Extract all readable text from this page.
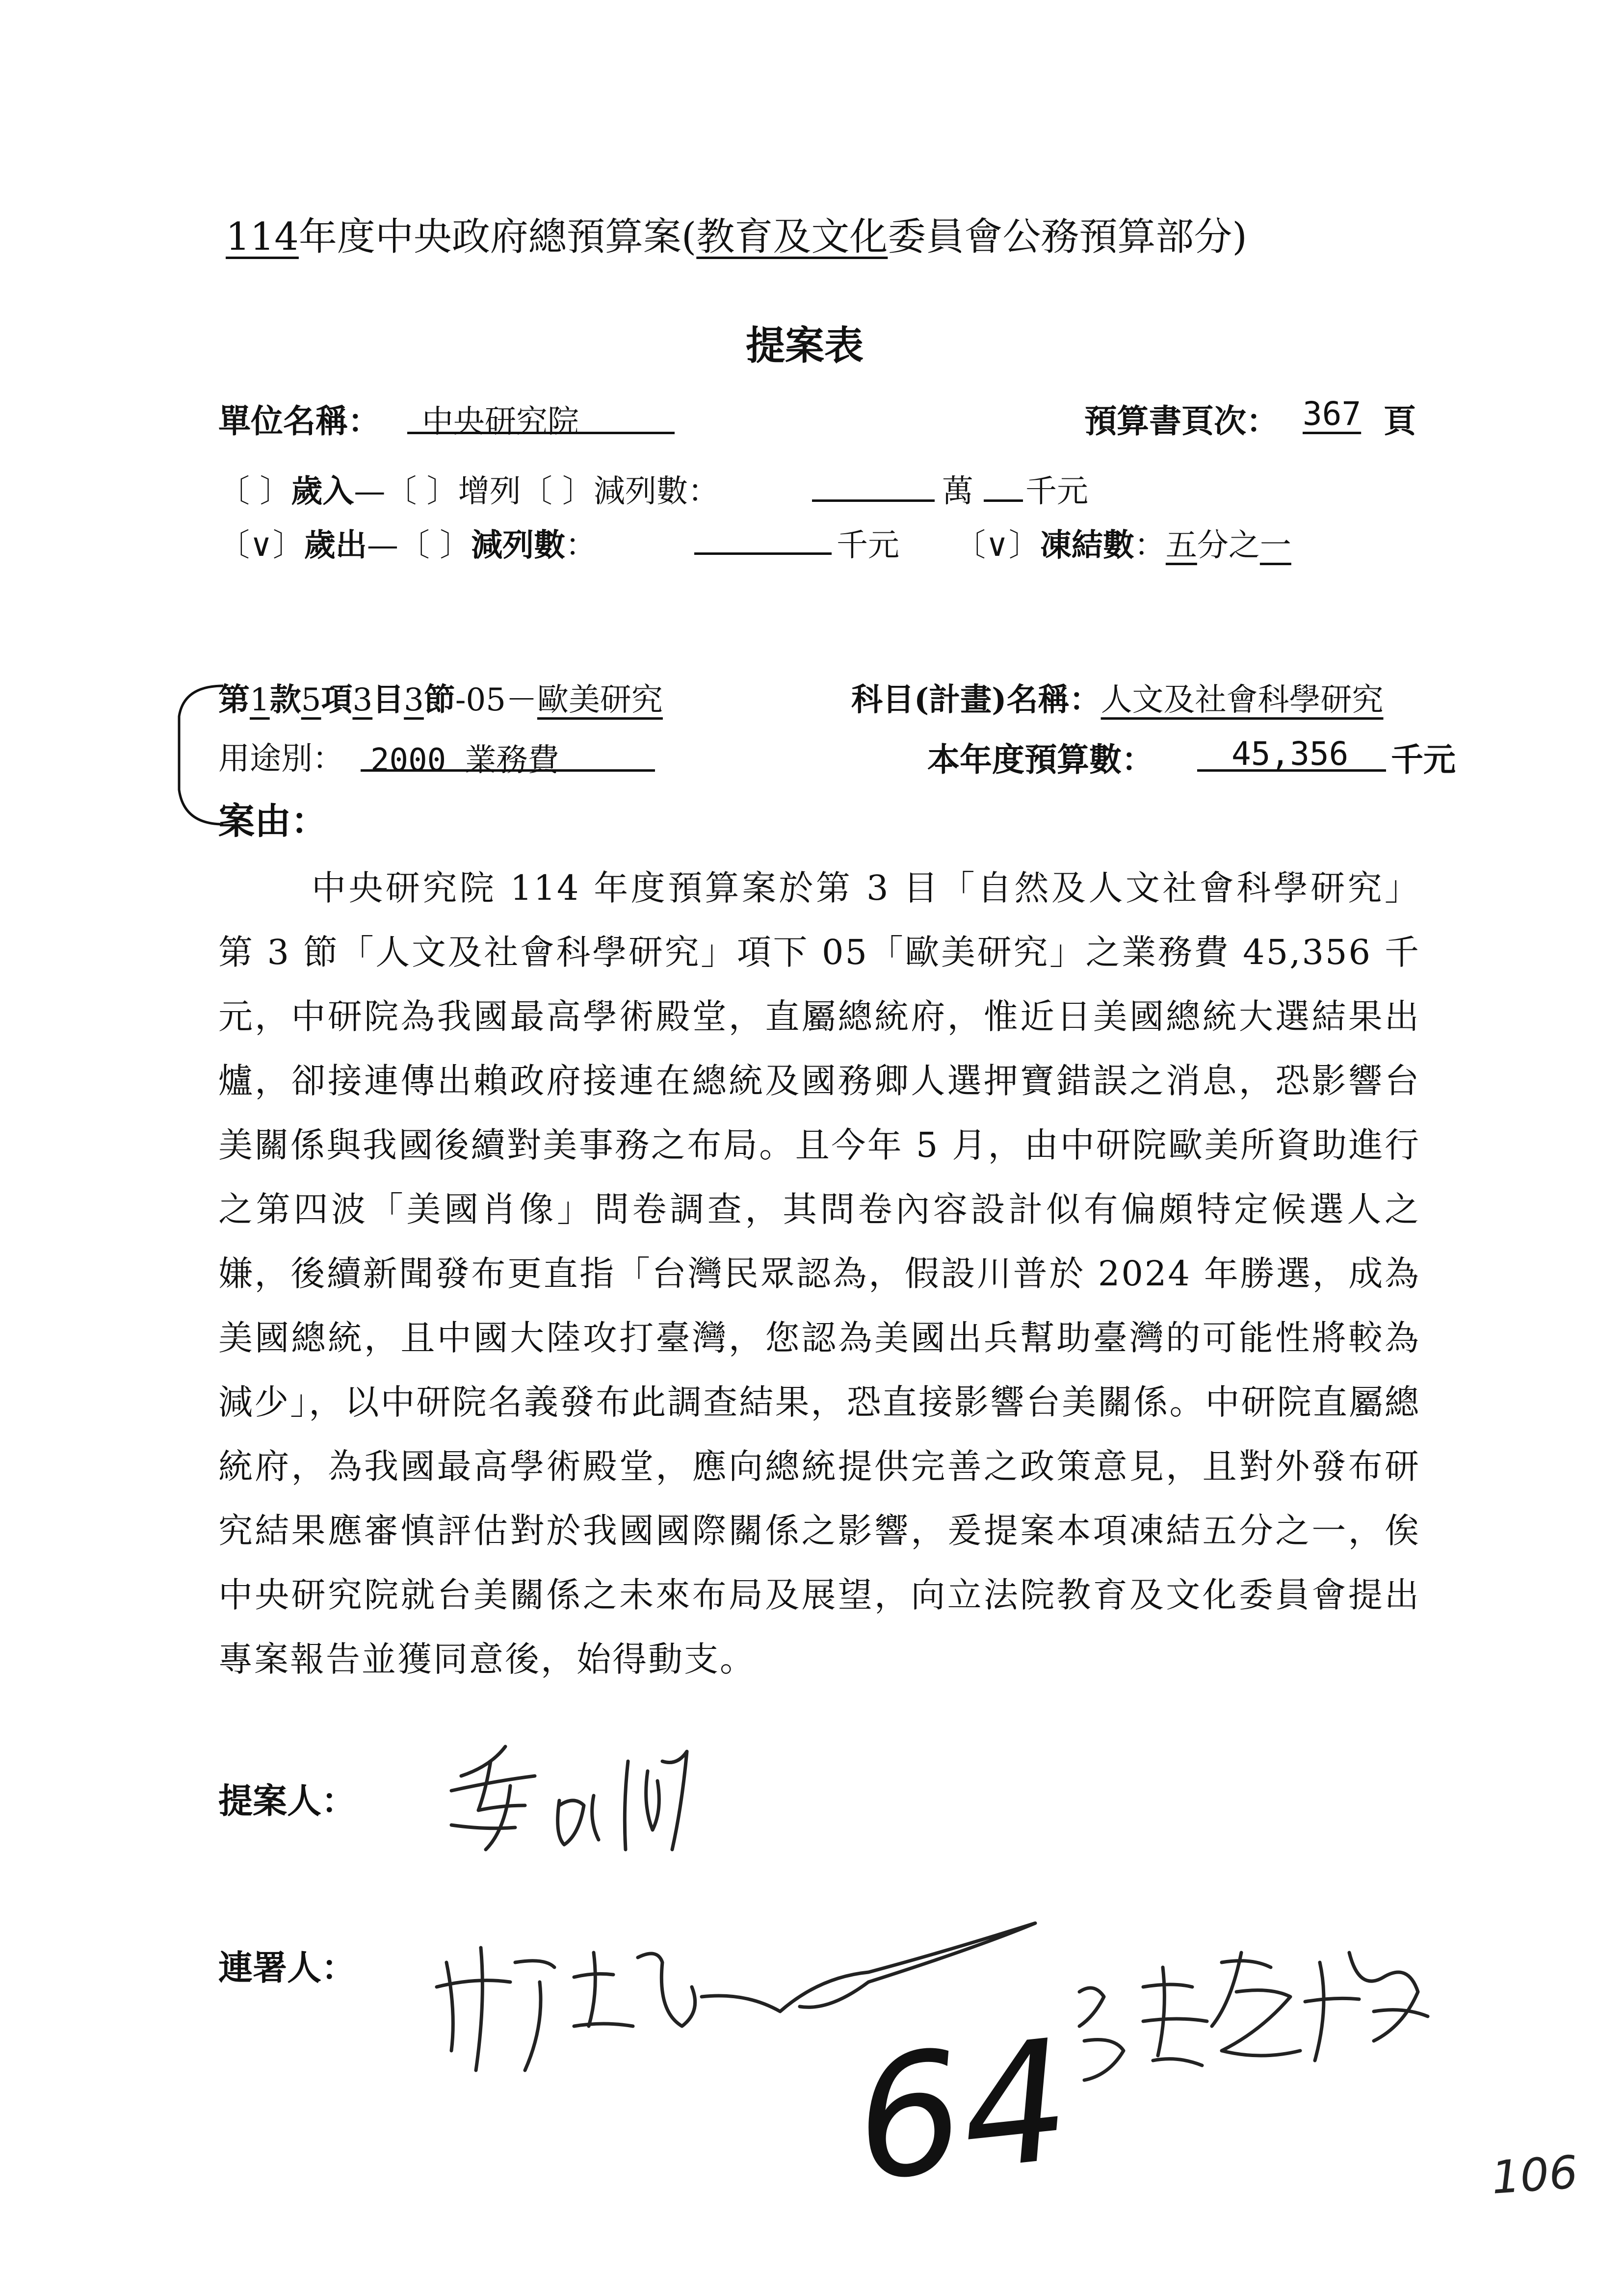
114年度中央政府總預算案(教育及文化委員會公務預算部分)
提案表
單位名稱： 中央研究院	預算書頁次： 367 頁
〔 〕歲入—〔 〕增列〔 〕減列數：	萬 千元
〔∨〕歲出—〔 〕減列數：	千元 〔∨〕凍結數：五分之一
第1款5項3目3節-05－歐美研究	科目(計畫)名稱：人文及社會科學研究
用途別： 2000 業務費	本年度預算數： 45,356 千元
案由：
中央研究院 114 年度預算案於第 3 目「自然及人文社會科學研究」第 3 節「人文及社會科學研究」項下 05「歐美研究」之業務費 45,356 千元，中研院為我國最高學術殿堂，直屬總統府，惟近日美國總統大選結果出爐，卻接連傳出賴政府接連在總統及國務卿人選押寶錯誤之消息，恐影響台美關係與我國後續對美事務之布局。且今年 5 月，由中研院歐美所資助進行之第四波「美國肖像」問卷調查，其問卷內容設計似有偏頗特定候選人之嫌，後續新聞發布更直指「台灣民眾認為，假設川普於 2024 年勝選，成為美國總統，且中國大陸攻打臺灣，您認為美國出兵幫助臺灣的可能性將較為減少」，以中研院名義發布此調查結果，恐直接影響台美關係。中研院直屬總統府，為我國最高學術殿堂，應向總統提供完善之政策意見，且對外發布研究結果應審慎評估對於我國國際關係之影響，爰提案本項凍結五分之一，俟中央研究院就台美關係之未來布局及展望，向立法院教育及文化委員會提出專案報告並獲同意後，始得動支。
提案人：
連署人：
64	106
